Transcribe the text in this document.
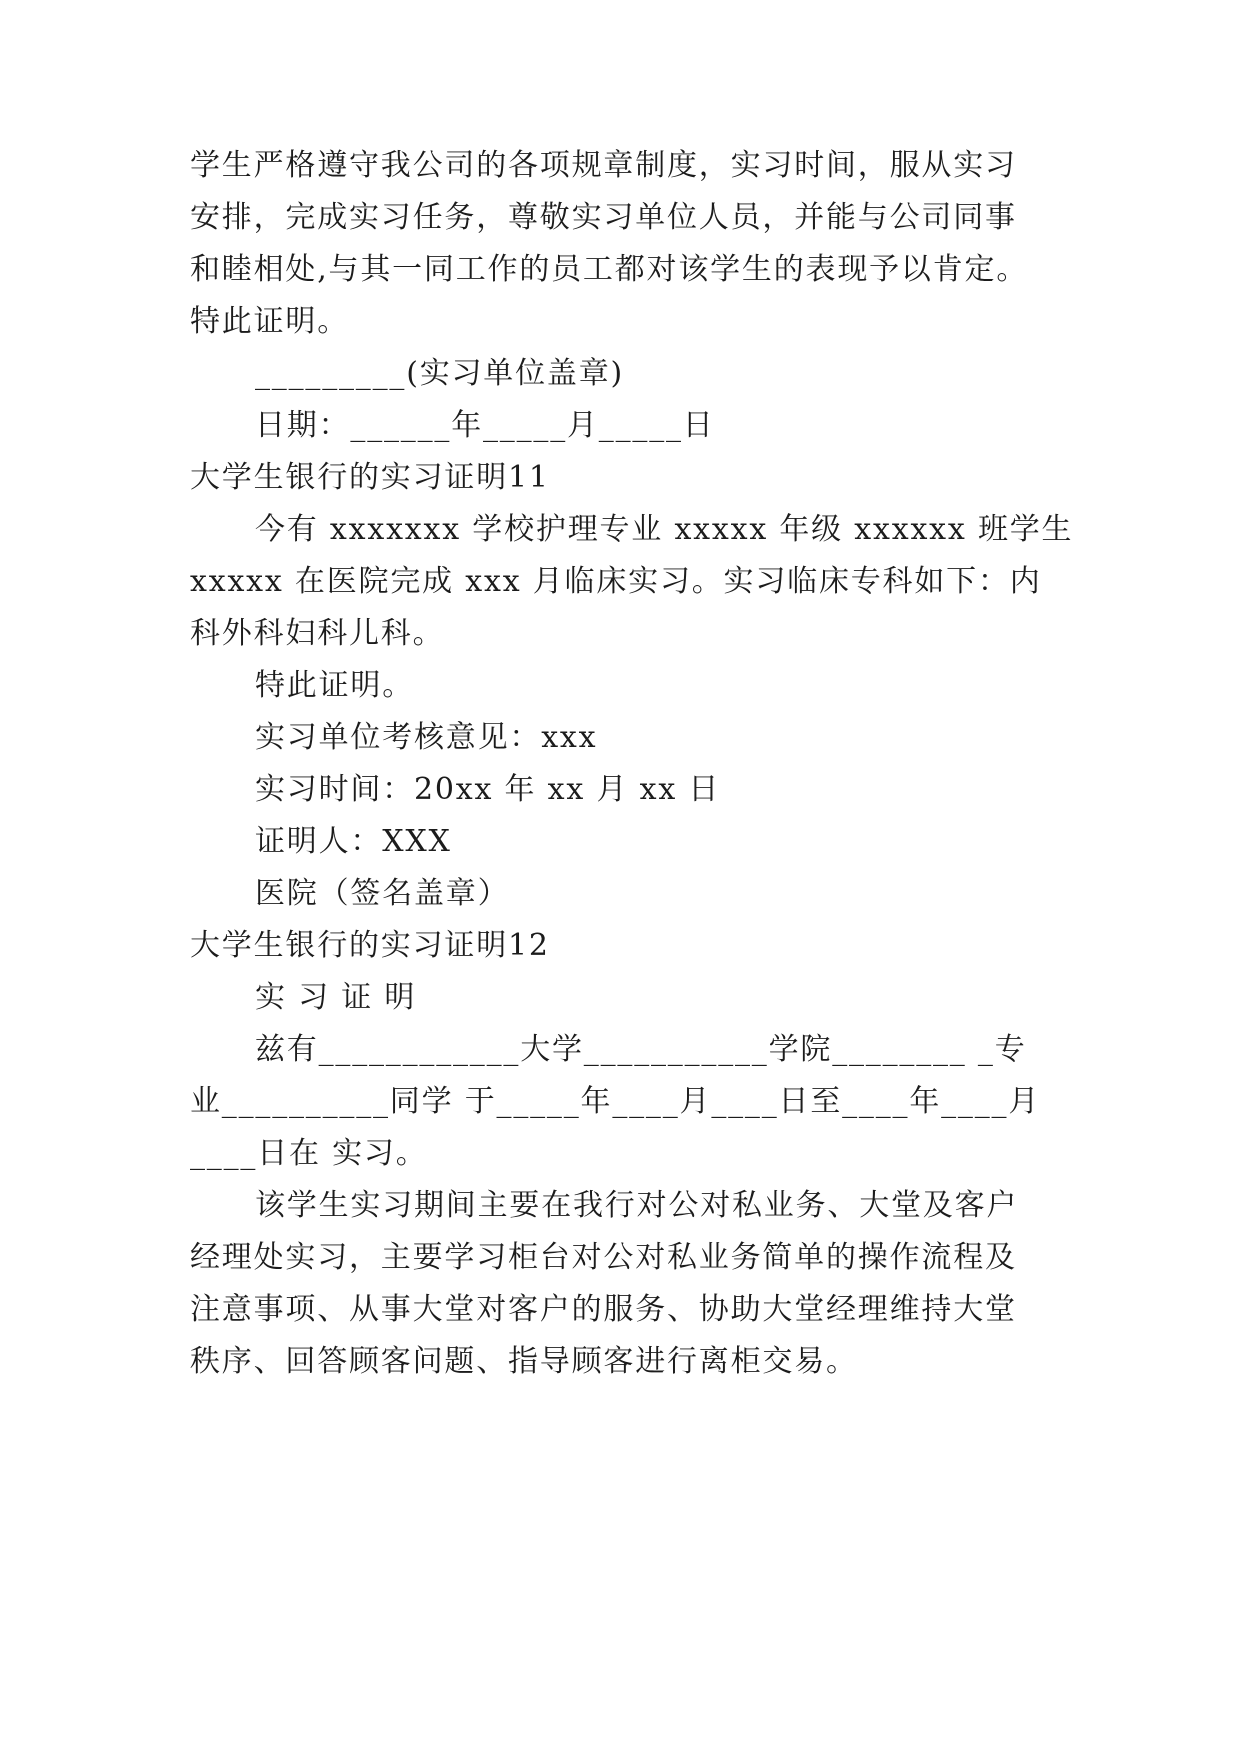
学生严格遵守我公司的各项规章制度，实习时间，服从实习
安排，完成实习任务，尊敬实习单位人员，并能与公司同事
和睦相处,与其一同工作的员工都对该学生的表现予以肯定。
特此证明。
_________(实习单位盖章)
日期：______年_____月_____日
大学生银行的实习证明11
今有 xxxxxxx 学校护理专业 xxxxx 年级 xxxxxx 班学生
xxxxx 在医院完成 xxx 月临床实习。实习临床专科如下：内
科外科妇科儿科。
特此证明。
实习单位考核意见：xxx
实习时间：20xx 年 xx 月 xx 日
证明人：XXX
医院（签名盖章）
大学生银行的实习证明12
实 习 证 明
兹有____________大学___________学院________ _专
业__________同学 于_____年____月____日至____年____月
____日在 实习。
该学生实习期间主要在我行对公对私业务、大堂及客户
经理处实习，主要学习柜台对公对私业务简单的操作流程及
注意事项、从事大堂对客户的服务、协助大堂经理维持大堂
秩序、回答顾客问题、指导顾客进行离柜交易。
